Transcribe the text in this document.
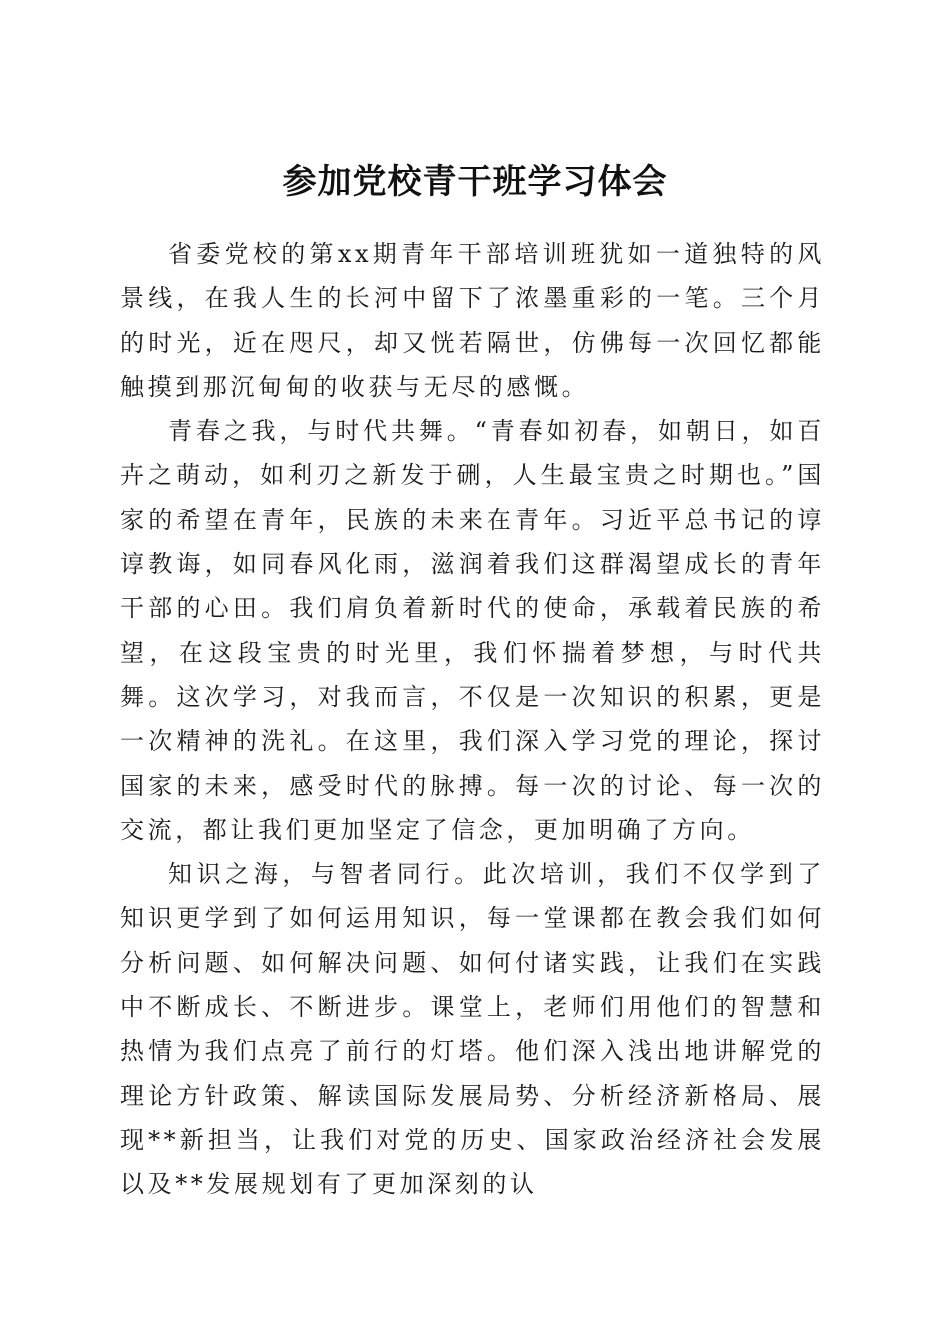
参加党校青干班学习体会

省委党校的第xx期青年干部培训班犹如一道独特的风景线，在我人生的长河中留下了浓墨重彩的一笔。三个月的时光，近在咫尺，却又恍若隔世，仿佛每一次回忆都能触摸到那沉甸甸的收获与无尽的感慨。

青春之我，与时代共舞。“青春如初春，如朝日，如百卉之萌动，如利刃之新发于硎，人生最宝贵之时期也。”国家的希望在青年，民族的未来在青年。习近平总书记的谆谆教诲，如同春风化雨，滋润着我们这群渴望成长的青年干部的心田。我们肩负着新时代的使命，承载着民族的希望，在这段宝贵的时光里，我们怀揣着梦想，与时代共舞。这次学习，对我而言，不仅是一次知识的积累，更是一次精神的洗礼。在这里，我们深入学习党的理论，探讨国家的未来，感受时代的脉搏。每一次的讨论、每一次的交流，都让我们更加坚定了信念，更加明确了方向。

知识之海，与智者同行。此次培训，我们不仅学到了知识更学到了如何运用知识，每一堂课都在教会我们如何分析问题、如何解决问题、如何付诸实践，让我们在实践中不断成长、不断进步。课堂上，老师们用他们的智慧和热情为我们点亮了前行的灯塔。他们深入浅出地讲解党的理论方针政策、解读国际发展局势、分析经济新格局、展现**新担当，让我们对党的历史、国家政治经济社会发展以及**发展规划有了更加深刻的认
